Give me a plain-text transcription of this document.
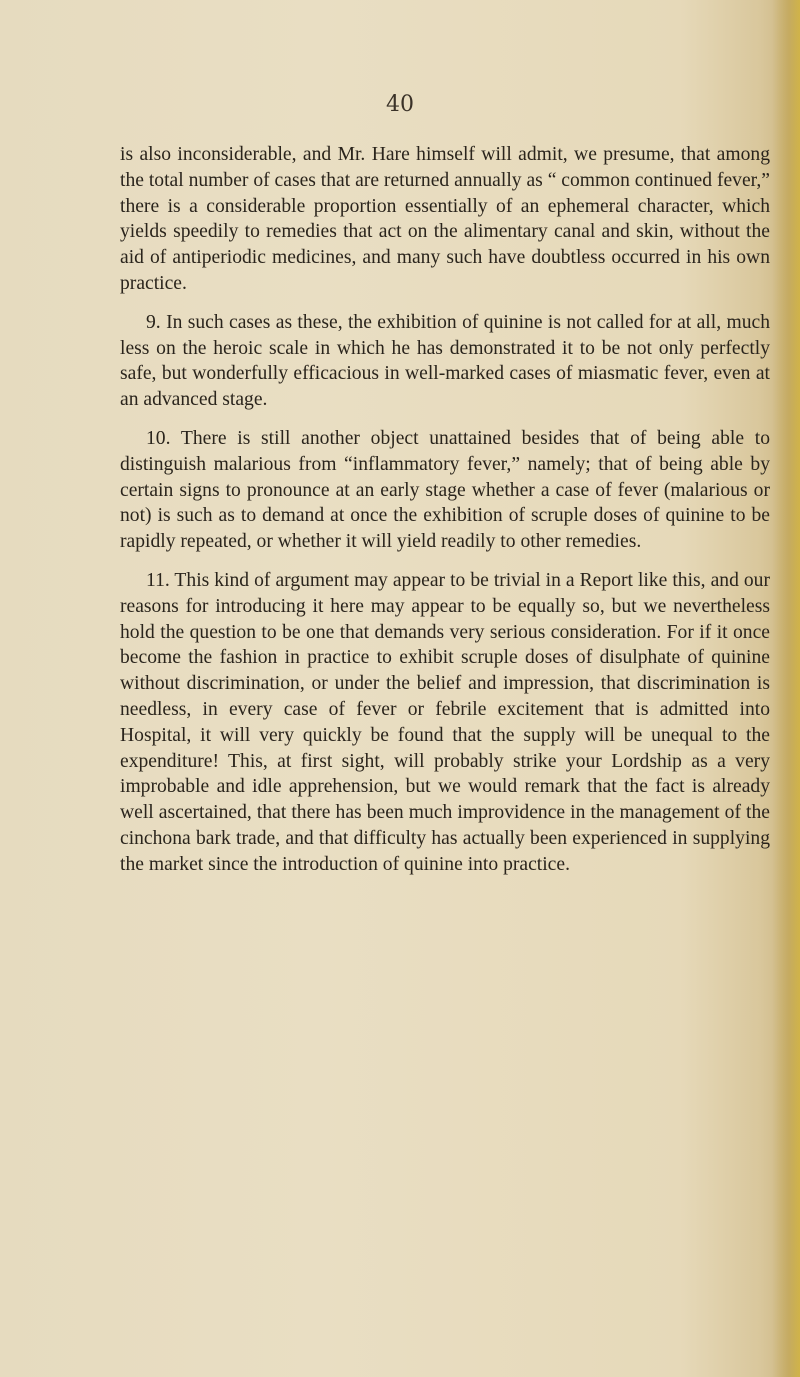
40

is also inconsiderable, and Mr. Hare himself will admit, we presume, that among the total number of cases that are returned annually as “ common continued fever,” there is a considerable proportion essentially of an ephemeral character, which yields speedily to remedies that act on the alimentary canal and skin, without the aid of antiperiodic medicines, and many such have doubtless occurred in his own practice.

9. In such cases as these, the exhibition of quinine is not called for at all, much less on the heroic scale in which he has demonstrated it to be not only perfectly safe, but wonderfully efficacious in well-marked cases of miasmatic fever, even at an advanced stage.

10. There is still another object unattained besides that of being able to distinguish malarious from “inflammatory fever,” namely; that of being able by certain signs to pronounce at an early stage whether a case of fever (malarious or not) is such as to demand at once the exhibition of scruple doses of quinine to be rapidly repeated, or whether it will yield readily to other remedies.

11. This kind of argument may appear to be trivial in a Report like this, and our reasons for introducing it here may appear to be equally so, but we nevertheless hold the question to be one that demands very serious consideration. For if it once become the fashion in practice to exhibit scruple doses of disulphate of quinine without discrimination, or under the belief and impression, that discrimination is needless, in every case of fever or febrile excitement that is admitted into Hospital, it will very quickly be found that the supply will be unequal to the expenditure! This, at first sight, will probably strike your Lordship as a very improbable and idle apprehension, but we would remark that the fact is already well ascertained, that there has been much improvidence in the management of the cinchona bark trade, and that difficulty has actually been experienced in supplying the market since the introduction of quinine into practice.
